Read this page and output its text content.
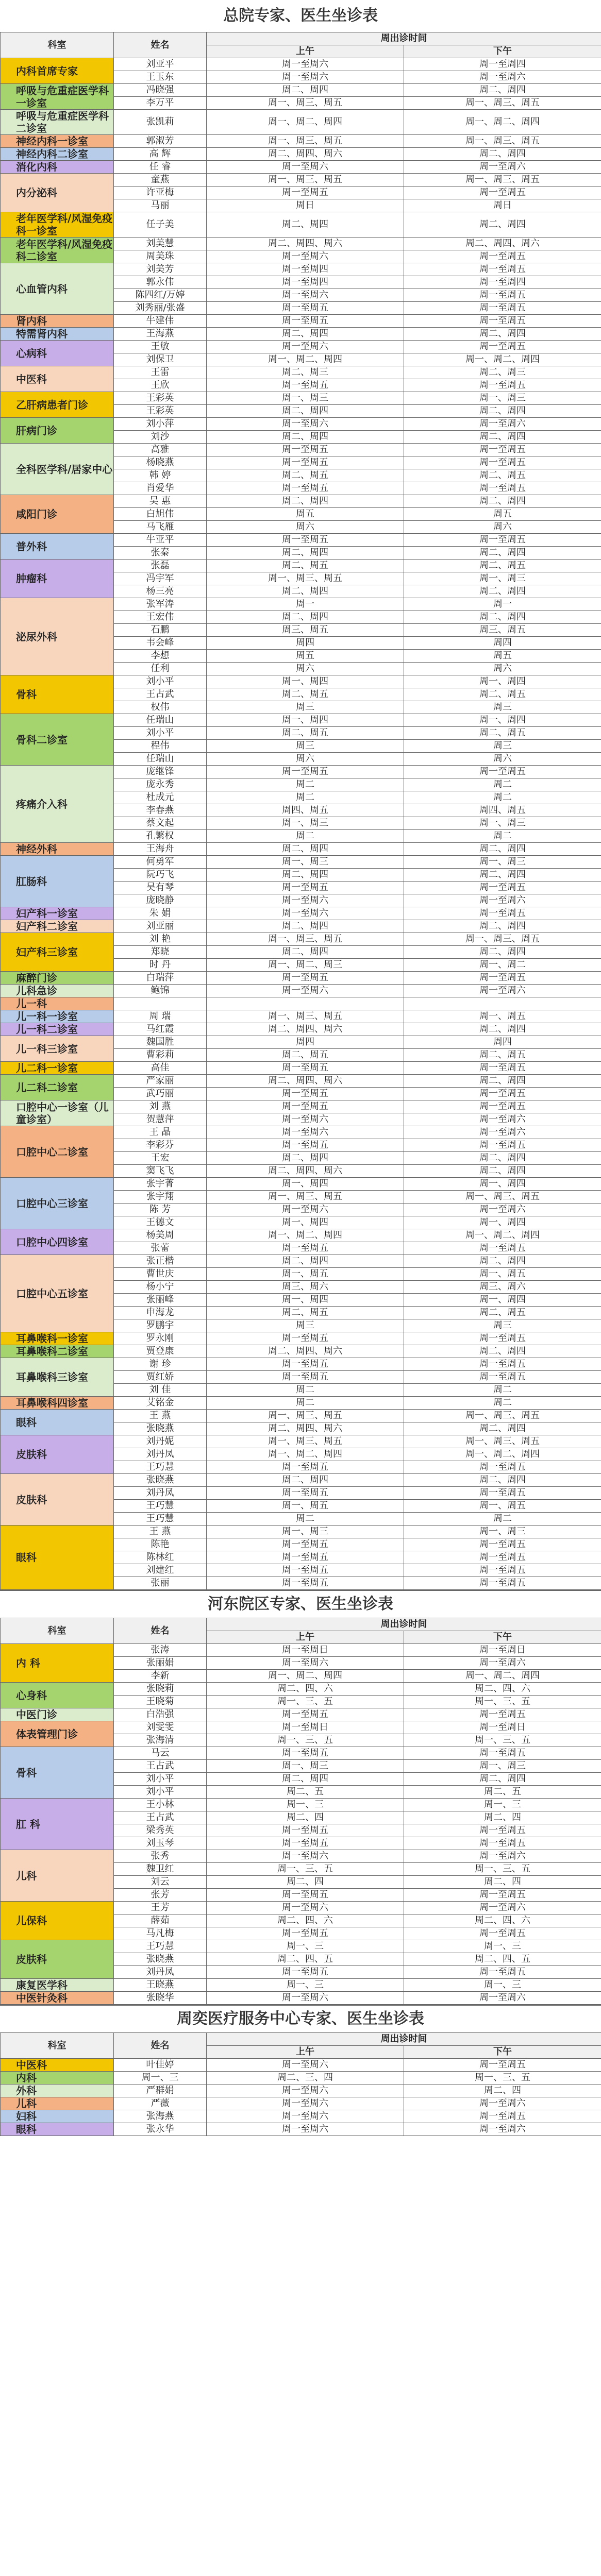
总院专家、医生坐诊表
科室	姓名	周出诊时间	
		上午	下午
内科首席专家	刘亚平	周一至周六	周一至周四
	王玉东	周一至周六	周一至周六
呼吸与危重症医学科一诊室	冯晓强	周二、周四	周二、周四
	李万平	周一、周三、周五	周一、周三、周五
呼吸与危重症医学科二诊室	张凯莉	周一、周二、周四	周一、周二、周四
神经内科一诊室	郭淑芳	周一、周三、周五	周一、周三、周五
神经内科二诊室	高 辉	周二、周四、周六	周二、周四
消化内科	任 睿	周一至周六	周一至周六
内分泌科	童燕	周一、周三、周五	周一、周三、周五
	许亚梅	周一至周五	周一至周五
	马丽	周日	周日
老年医学科/风湿免疫科一诊室	任子美	周二、周四	周二、周四
老年医学科/风湿免疫科二诊室	刘美慧	周二、周四、周六	周二、周四、周六
	周美珠	周一至周六	周一至周五
心血管内科	刘美芳	周一至周四	周一至周五
	郭永伟	周一至周四	周一至周四
	陈四红/万婷	周一至周六	周一至周五
	刘秀丽/张盛	周一至周五	周一至周五
肾内科	牛建伟	周一至周五	周一至周五
特需肾内科	王海燕	周二、周四	周二、周四
心病科	王敏	周一至周六	周一至周五
	刘保卫	周一、周二、周四	周一、周二、周四
中医科	王雷	周二、周三	周二、周三
	王欣	周一至周五	周一至周五
乙肝病患者门诊	王彩英	周一、周三	周一、周三
	王彩英	周二、周四	周二、周四
肝病门诊	刘小萍	周一至周六	周一至周六
	刘沙	周二、周四	周二、周四
全科医学科/居家中心	高雅	周一至周五	周一至周五
	杨晓燕	周一至周五	周一至周五
	韩 婷	周二、周五	周二、周五
	肖爱华	周一至周五	周一至周五
咸阳门诊	吴 惠	周二、周四	周二、周四
	白旭伟	周五	周五
	马飞雁	周六	周六
普外科	牛亚平	周一至周五	周一至周五
	张秦	周二、周四	周二、周四
肿瘤科	张磊	周二、周五	周二、周五
	冯宇军	周一、周三、周五	周一、周三
	杨三亮	周二、周四	周二、周四
泌尿外科	张军涛	周一	周一
	王宏伟	周二、周四	周二、周四
	石鹏	周三、周五	周三、周五
	韦会峰	周四	周四
	李想	周五	周五
	任利	周六	周六
骨科	刘小平	周一、周四	周一、周四
	王占武	周二、周五	周二、周五
	权伟	周三	周三
骨科二诊室	任瑞山	周一、周四	周一、周四
	刘小平	周二、周五	周二、周五
	程伟	周三	周三
	任瑞山	周六	周六
疼痛介入科	庞继锋	周一至周五	周一至周五
	庞永秀	周二	周二
	杜成元	周二	周二
	李春燕	周四、周五	周四、周五
	蔡文起	周一、周三	周一、周三
	孔繁权	周二	周二
神经外科	王海舟	周二、周四	周二、周四
肛肠科	何勇军	周一、周三	周一、周三
	阮巧飞	周二、周四	周二、周四
	吴有琴	周一至周五	周一至周五
	庞晓静	周一至周六	周一至周六
妇产科一诊室	朱 娟	周一至周六	周一至周五
妇产科二诊室	刘亚丽	周二、周四	周二、周四
妇产科三诊室	刘 艳	周一、周三、周五	周一、周三、周五
	郑晓	周二、周四	周二、周四
	时 丹	周一、周二、周三	周一、周二
麻醉门诊	白瑞萍	周一至周五	周一至周五
儿科急诊	鲍锦	周一至周六	周一至周六
儿一科			
儿一科一诊室	周 瑞	周一、周三、周五	周一、周五
儿一科二诊室	马红霞	周二、周四、周六	周二、周四
儿一科三诊室	魏国胜	周四	周四
	曹彩莉	周二、周五	周二、周五
儿二科一诊室	高佳	周一至周五	周一至周五
儿二科二诊室	严家丽	周二、周四、周六	周二、周四
	武巧丽	周一至周五	周一至周五
口腔中心一诊室（儿童诊室）	刘 燕	周一至周五	周一至周五
	贺慧萍	周一至周六	周一至周六
口腔中心二诊室	王 晶	周一至周六	周一至周六
	李彩芬	周一至周五	周一至周五
	王宏	周二、周四	周二、周四
	窦飞飞	周二、周四、周六	周二、周四
口腔中心三诊室	张宇菁	周一、周四	周一、周四
	张宇翔	周一、周三、周五	周一、周三、周五
	陈 芳	周一至周六	周一至周六
	王德文	周一、周四	周一、周四
口腔中心四诊室	杨美周	周一、周二、周四	周一、周二、周四
	张蕾	周一至周五	周一至周五
口腔中心五诊室	张正楷	周二、周四	周二、周四
	曹世庆	周一、周五	周一、周五
	杨小宁	周三、周六	周三、周六
	张丽峰	周一、周四	周一、周四
	申海龙	周二、周五	周二、周五
	罗鹏宇	周三	周三
耳鼻喉科一诊室	罗永刚	周一至周五	周一至周五
耳鼻喉科二诊室	贾登康	周二、周四、周六	周二、周四
耳鼻喉科三诊室	谢 珍	周一至周五	周一至周五
	贾红娇	周一至周五	周一至周五
	刘 佳	周二	周二
耳鼻喉科四诊室	艾铭金	周二	周二
眼科	王 燕	周一、周三、周五	周一、周三、周五
	张晓燕	周二、周四、周六	周二、周四
皮肤科	刘丹妮	周一、周三、周五	周一、周三、周五
	刘丹凤	周一、周二、周四	周一、周二、周四
	王巧慧	周一至周五	周一至周五
皮肤科	张晓燕	周二、周四	周二、周四
	刘丹凤	周一至周五	周一至周五
	王巧慧	周一、周五	周一、周五
	王巧慧	周二	周二
眼科	王 燕	周一、周三	周一、周三
	陈艳	周一至周五	周一至周五
	陈林红	周一至周五	周一至周五
	刘建红	周一至周五	周一至周五
	张丽	周一至周五	周一至周五
河东院区专家、医生坐诊表
科室	姓名	周出诊时间	
		上午	下午
内 科	张涛	周一至周日	周一至周日
	张丽娟	周一至周六	周一至周六
	李新	周一、周二、周四	周一、周二、周四
心身科	张晓莉	周二、四、六	周二、四、六
	王晓菊	周一、三、五	周一、三、五
中医门诊	白浩强	周一至周五	周一至周五
体表管理门诊	刘雯雯	周一至周日	周一至周日
	张海清	周一、三、五	周一、三、五
骨科	马云	周一至周五	周一至周五
	王占武	周一、周三	周一、周三
	刘小平	周二、周四	周二、周四
	刘小平	周二、五	周二、五
肛 科	王小林	周一、三	周一、三
	王占武	周二、四	周二、四
	梁秀英	周一至周五	周一至周五
	刘玉琴	周一至周五	周一至周五
儿科	张秀	周一至周六	周一至周六
	魏卫红	周一、三、五	周一、三、五
	刘云	周二、四	周二、四
	张芳	周一至周五	周一至周五
儿保科	王芳	周一至周六	周一至周六
	薛茹	周二、四、六	周二、四、六
	马凡梅	周一至周五	周一至周五
皮肤科	王巧慧	周一、三	周一、三
	张晓燕	周二、四、五	周二、四、五
	刘丹凤	周一至周五	周一至周五
康复医学科	王晓燕	周一、三	周一、三
中医针灸科	张晓华	周一至周六	周一至周六
周奕医疗服务中心专家、医生坐诊表
科室	姓名	周出诊时间	
		上午	下午
中医科	叶佳婷	周一至周六	周一至周五
内科	周一、三	周二、三、四	周一、三、五
外科	严群娟	周一至周六	周二、四
儿科	严薇	周一至周六	周一至周六
妇科	张海燕	周一至周六	周一至周五
眼科	张永华	周一至周六	周一至周六
